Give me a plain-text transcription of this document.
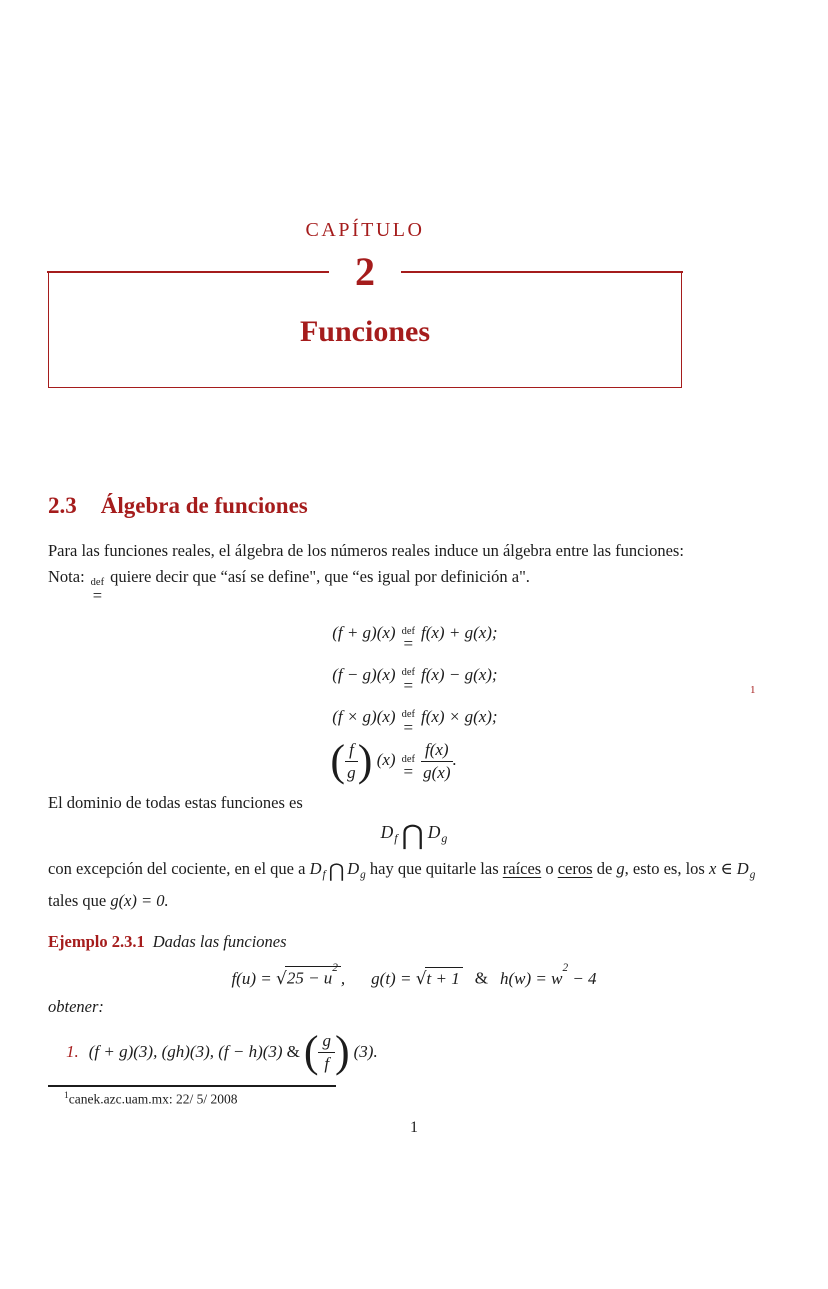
1
CAPÍTULO
2
Funciones
2.3 Álgebra de funciones
Para las funciones reales, el álgebra de los números reales induce un álgebra entre las funciones:
Nota: def
=
quiere decir que “así se define", que “es igual por definición a".
(f + g)(x) def
=
f(x) + g(x);
(f − g)(x) def
=
f(x) − g(x);
(f × g)(x) def
=
f(x) × g(x);
( $\frac{f}{g}$ ) (x) def
= $\frac{f(x)}{g(x)}$ .
El dominio de todas estas funciones es
$D_f$ ⋂ $D_g$

con excepción del cociente, en el que a $D_f$ ⋂ $D_g$ hay que quitarle las raíces o ceros de g, esto es, los x ∈ $D_g$ tales que g(x) = 0.

Ejemplo 2.3.1 Dadas las funciones
$f(u) = √25 - u^2$, g(t) = √t + 1 & $h(w) = w^2 - 4$
obtener:
1. (f + g)(3), (gh)(3), (f − h)(3) & ( $\frac{g}{f}$ ) (3).
$^1$canek.azc.uam.mx: 22/ 5/ 2008
1
